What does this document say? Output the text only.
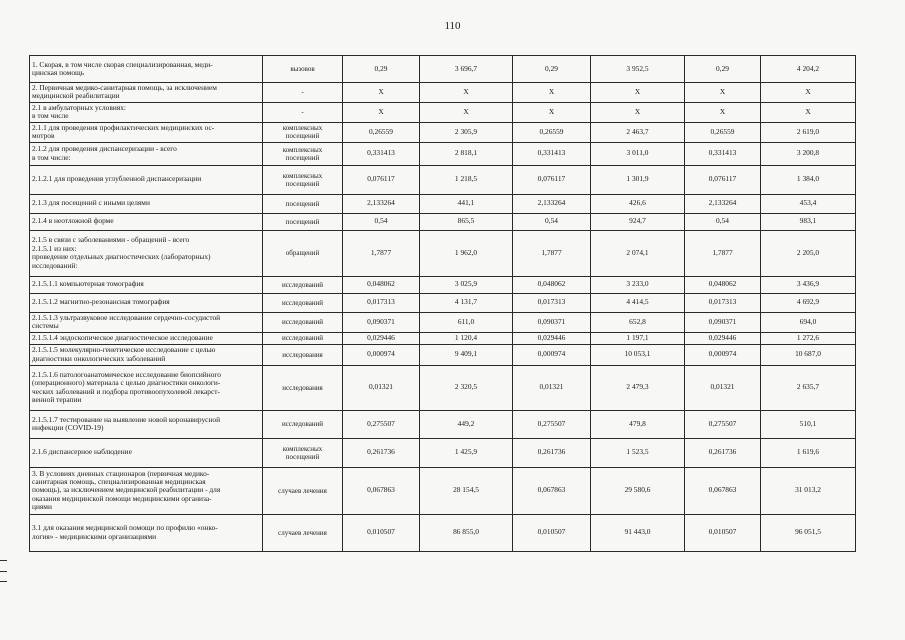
110
1. Скорая, в том числе скорая специализированная, меди-
цинская помощь	вызовов	0,29	3 696,7	0,29	3 952,5	0,29	4 204,2

2. Первичная медико-санитарная помощь, за исключением
медицинской реабилитации	-	X	X	X	X	X	X

2.1 в амбулаторных условиях:
в том числе	-	X	X	X	X	X	X

2.1.1 для проведения профилактических медицинских ос-
мотров	комплексных
посещений	0,26559	2 305,9	0,26559	2 463,7	0,26559	2 619,0

2.1.2 для проведения диспансеризации - всего
в том числе:	комплексных
посещений	0,331413	2 818,1	0,331413	3 011,0	0,331413	3 200,8

2.1.2.1 для проведения углубленной диспансеризации	комплексных
посещений	0,076117	1 218,5	0,076117	1 301,9	0,076117	1 384,0

2.1.3 для посещений с иными целями	посещений	2,133264	441,1	2,133264	426,6	2,133264	453,4

2.1.4 в неотложной форме	посещений	0,54	865,5	0,54	924,7	0,54	983,1

2.1.5 в связи с заболеваниями - обращений - всего
2.1.5.1 из них:
проведение отдельных диагностических (лабораторных)
исследований:	обращений	1,7877	1 962,0	1,7877	2 074,1	1,7877	2 205,0

2.1.5.1.1 компьютерная томография	исследований	0,048062	3 025,9	0,048062	3 233,0	0,048062	3 436,9

2.1.5.1.2 магнитно-резонансная томография	исследований	0,017313	4 131,7	0,017313	4 414,5	0,017313	4 692,9

2.1.5.1.3 ультразвуковое исследование сердечно-сосудистой
системы	исследований	0,090371	611,0	0,090371	652,8	0,090371	694,0

2.1.5.1.4 эндоскопическое диагностическое исследование	исследований	0,029446	1 120,4	0,029446	1 197,1	0,029446	1 272,6

2.1.5.1.5 молекулярно-генетическое исследование с целью
диагностики онкологических заболеваний	исследования	0,000974	9 409,1	0,000974	10 053,1	0,000974	10 687,0

2.1.5.1.6 патологоанатомическое исследование биопсийного
(операционного) материала с целью диагностики онкологи-
ческих заболеваний и подбора противоопухолевой лекарст-
венной терапии	исследования	0,01321	2 320,5	0,01321	2 479,3	0,01321	2 635,7

2.1.5.1.7 тестирование на выявление новой коронавирусной
инфекции (COVID-19)	исследований	0,275507	449,2	0,275507	479,8	0,275507	510,1

2.1.6 диспансерное наблюдение	комплексных
посещений	0,261736	1 425,9	0,261736	1 523,5	0,261736	1 619,6

3. В условиях дневных стационаров (первичная медико-
санитарная помощь, специализированная медицинская
помощь), за исключением медицинской реабилитации - для
оказания медицинской помощи медицинскими организа-
циями	случаев лечения	0,067863	28 154,5	0,067863	29 580,6	0,067863	31 013,2

3.1 для оказания медицинской помощи по профилю «онко-
логия» - медицинскими организациями	случаев лечения	0,010507	86 855,0	0,010507	91 443,0	0,010507	96 051,5
